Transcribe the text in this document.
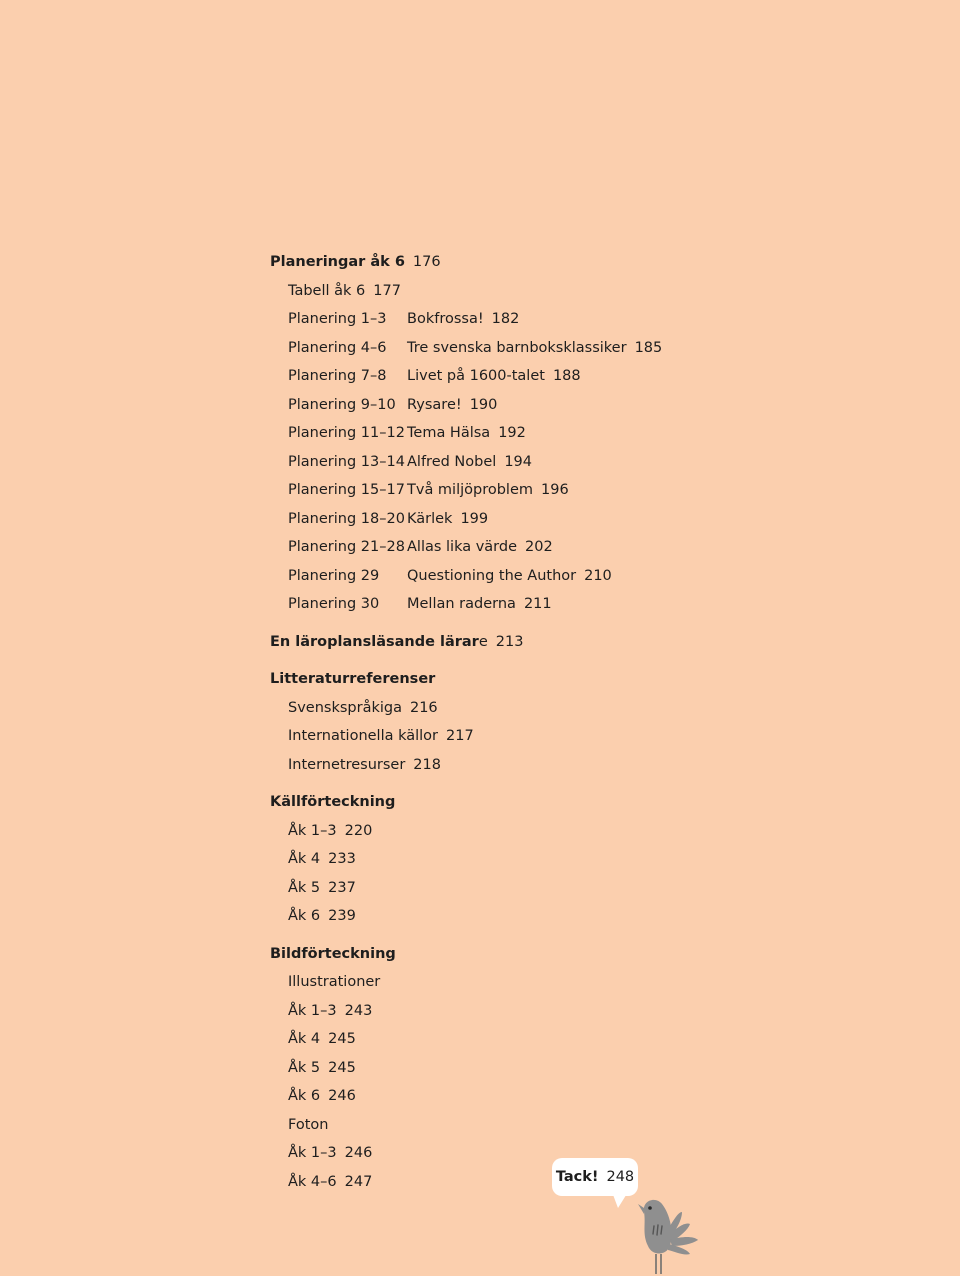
Planeringar åk 6 176
Tabell åk 6 177
Planering 1–3 Bokfrossa! 182
Planering 4–6 Tre svenska barnboksklassiker 185
Planering 7–8 Livet på 1600-talet 188
Planering 9–10 Rysare! 190
Planering 11–12 Tema Hälsa 192
Planering 13–14 Alfred Nobel 194
Planering 15–17 Två miljöproblem 196
Planering 18–20 Kärlek 199
Planering 21–28 Allas lika värde 202
Planering 29 Questioning the Author 210
Planering 30 Mellan raderna 211
En läroplansläsande lärare 213
Litteraturreferenser
Svenskspråkiga 216
Internationella källor 217
Internetresurser 218
Källförteckning
Åk 1–3 220
Åk 4 233
Åk 5 237
Åk 6 239
Bildförteckning
Illustrationer
Åk 1–3 243
Åk 4 245
Åk 5 245
Åk 6 246
Foton
Åk 1–3 246
Åk 4–6 247	Tack! 248
